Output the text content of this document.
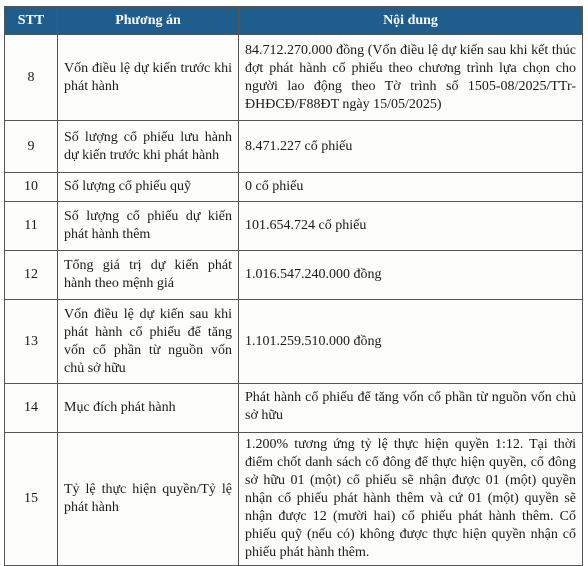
STT	Phương án	Nội dung
8	Vốn điều lệ dự kiến trước khi phát hành	84.712.270.000 đồng (Vốn điều lệ dự kiến sau khi kết thúc đợt phát hành cổ phiếu theo chương trình lựa chọn cho người lao động theo Tờ trình số 1505-08/2025/TTr-ĐHĐCĐ/F88ĐT ngày 15/05/2025)
9	Số lượng cổ phiếu lưu hành dự kiến trước khi phát hành	8.471.227 cổ phiếu
10	Số lượng cổ phiếu quỹ	0 cổ phiếu
11	Số lượng cổ phiếu dự kiến phát hành thêm	101.654.724 cổ phiếu
12	Tổng giá trị dự kiến phát hành theo mệnh giá	1.016.547.240.000 đồng
13	Vốn điều lệ dự kiến sau khi phát hành cổ phiếu để tăng vốn cổ phần từ nguồn vốn chủ sở hữu	1.101.259.510.000 đồng
14	Mục đích phát hành	Phát hành cổ phiếu để tăng vốn cổ phần từ nguồn vốn chủ sở hữu
15	Tỷ lệ thực hiện quyền/Tỷ lệ phát hành	1.200% tương ứng tỷ lệ thực hiện quyền 1:12. Tại thời điểm chốt danh sách cổ đông để thực hiện quyền, cổ đông sở hữu 01 (một) cổ phiếu sẽ nhận được 01 (một) quyền nhận cổ phiếu phát hành thêm và cứ 01 (một) quyền sẽ nhận được 12 (mười hai) cổ phiếu phát hành thêm. Cổ phiếu quỹ (nếu có) không được thực hiện quyền nhận cổ phiếu phát hành thêm.
